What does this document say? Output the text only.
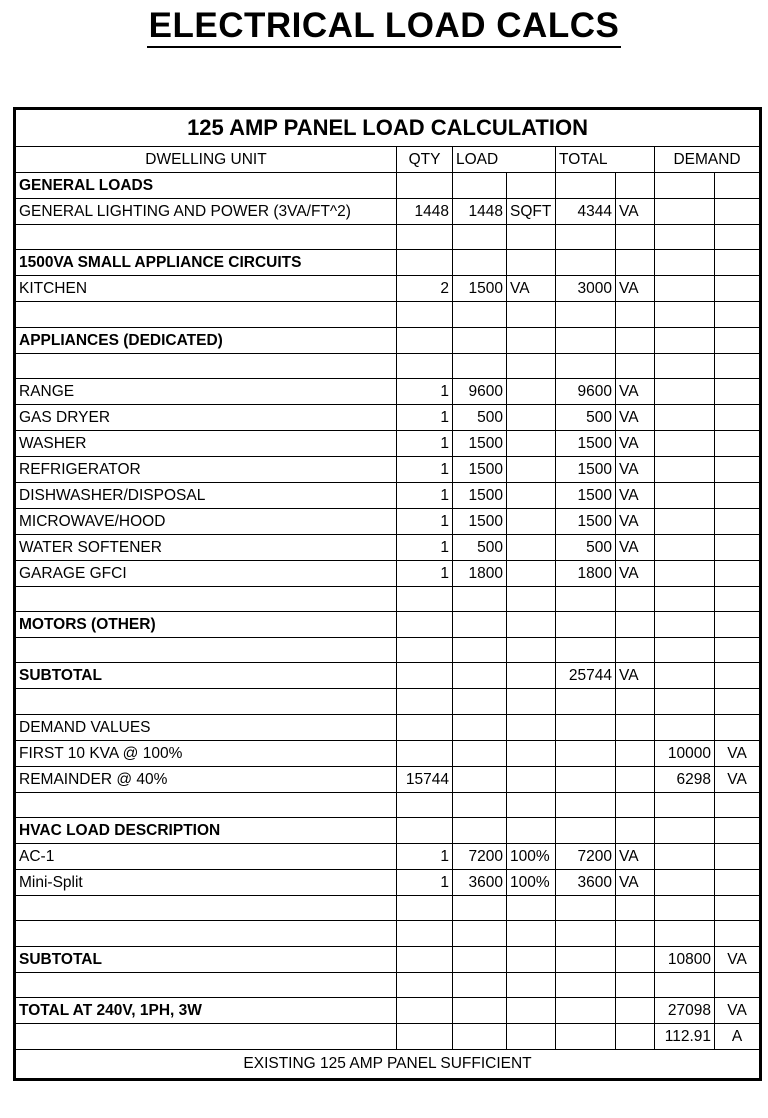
ELECTRICAL LOAD CALCS
125 AMP PANEL LOAD CALCULATION							
DWELLING UNIT	QTY	LOAD		TOTAL		DEMAND	
GENERAL LOADS							
GENERAL LIGHTING AND POWER (3VA/FT^2)	1448	1448	SQFT	4344	VA		

1500VA SMALL APPLIANCE CIRCUITS							
KITCHEN	2	1500	VA	3000	VA		

APPLIANCES (DEDICATED)							

RANGE	1	9600		9600	VA		
GAS DRYER	1	500		500	VA		
WASHER	1	1500		1500	VA		
REFRIGERATOR	1	1500		1500	VA		
DISHWASHER/DISPOSAL	1	1500		1500	VA		
MICROWAVE/HOOD	1	1500		1500	VA		
WATER SOFTENER	1	500		500	VA		
GARAGE GFCI	1	1800		1800	VA		

MOTORS (OTHER)							

SUBTOTAL				25744	VA		

DEMAND VALUES							
FIRST 10 KVA @ 100%						10000	VA
REMAINDER @ 40%	15744					6298	VA

HVAC LOAD DESCRIPTION							
AC-1	1	7200	100%	7200	VA		
Mini-Split	1	3600	100%	3600	VA		

SUBTOTAL						10800	VA

TOTAL AT 240V, 1PH, 3W						27098	VA
						112.91	A
EXISTING 125 AMP PANEL SUFFICIENT							
